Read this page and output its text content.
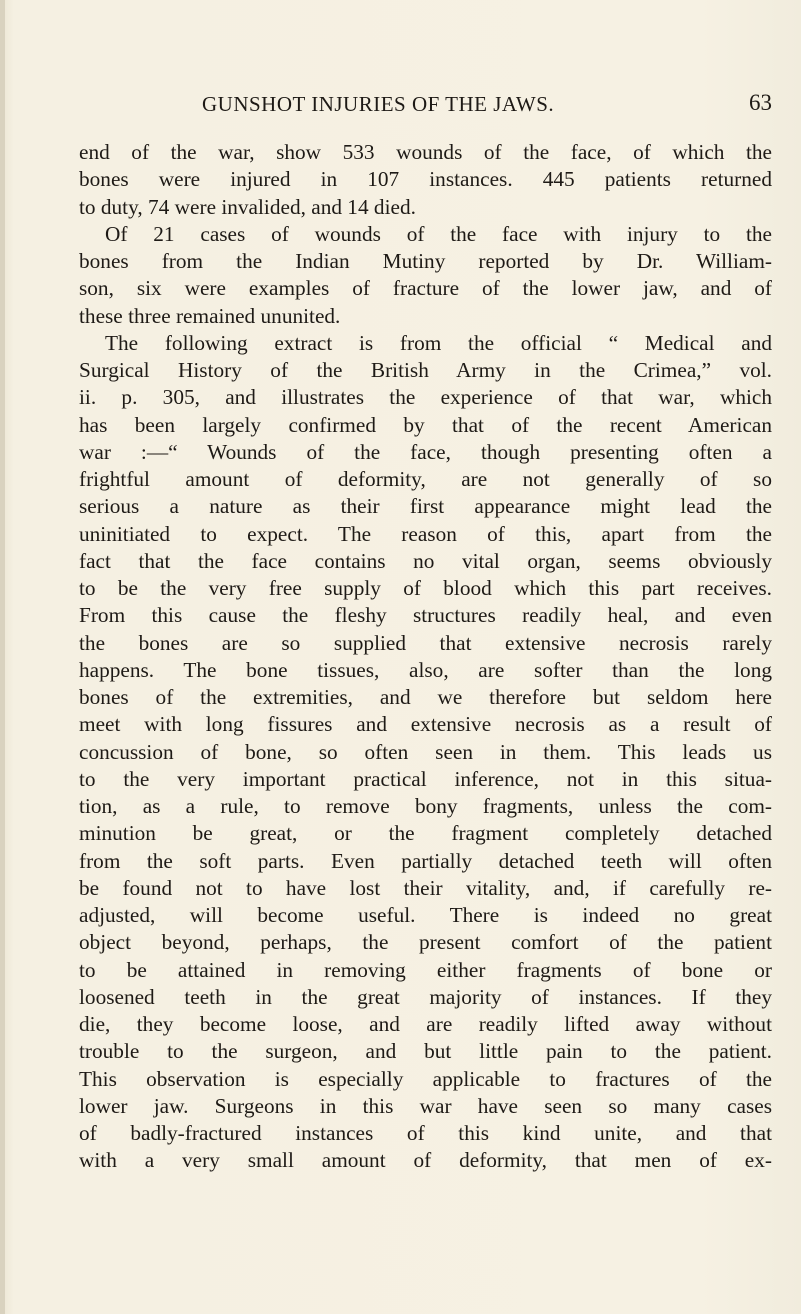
GUNSHOT INJURIES OF THE JAWS.	63
end of the war, show 533 wounds of the face, of which the
bones were injured in 107 instances. 445 patients returned
to duty, 74 were invalided, and 14 died.
Of 21 cases of wounds of the face with injury to the
bones from the Indian Mutiny reported by Dr. William-
son, six were examples of fracture of the lower jaw, and of
these three remained ununited.
The following extract is from the official “ Medical and
Surgical History of the British Army in the Crimea,” vol.
ii. p. 305, and illustrates the experience of that war, which
has been largely confirmed by that of the recent American
war :—“ Wounds of the face, though presenting often a
frightful amount of deformity, are not generally of so
serious a nature as their first appearance might lead the
uninitiated to expect. The reason of this, apart from the
fact that the face contains no vital organ, seems obviously
to be the very free supply of blood which this part receives.
From this cause the fleshy structures readily heal, and even
the bones are so supplied that extensive necrosis rarely
happens. The bone tissues, also, are softer than the long
bones of the extremities, and we therefore but seldom here
meet with long fissures and extensive necrosis as a result of
concussion of bone, so often seen in them. This leads us
to the very important practical inference, not in this situa-
tion, as a rule, to remove bony fragments, unless the com-
minution be great, or the fragment completely detached
from the soft parts. Even partially detached teeth will often
be found not to have lost their vitality, and, if carefully re-
adjusted, will become useful. There is indeed no great
object beyond, perhaps, the present comfort of the patient
to be attained in removing either fragments of bone or
loosened teeth in the great majority of instances. If they
die, they become loose, and are readily lifted away without
trouble to the surgeon, and but little pain to the patient.
This observation is especially applicable to fractures of the
lower jaw. Surgeons in this war have seen so many cases
of badly-fractured instances of this kind unite, and that
with a very small amount of deformity, that men of ex-
